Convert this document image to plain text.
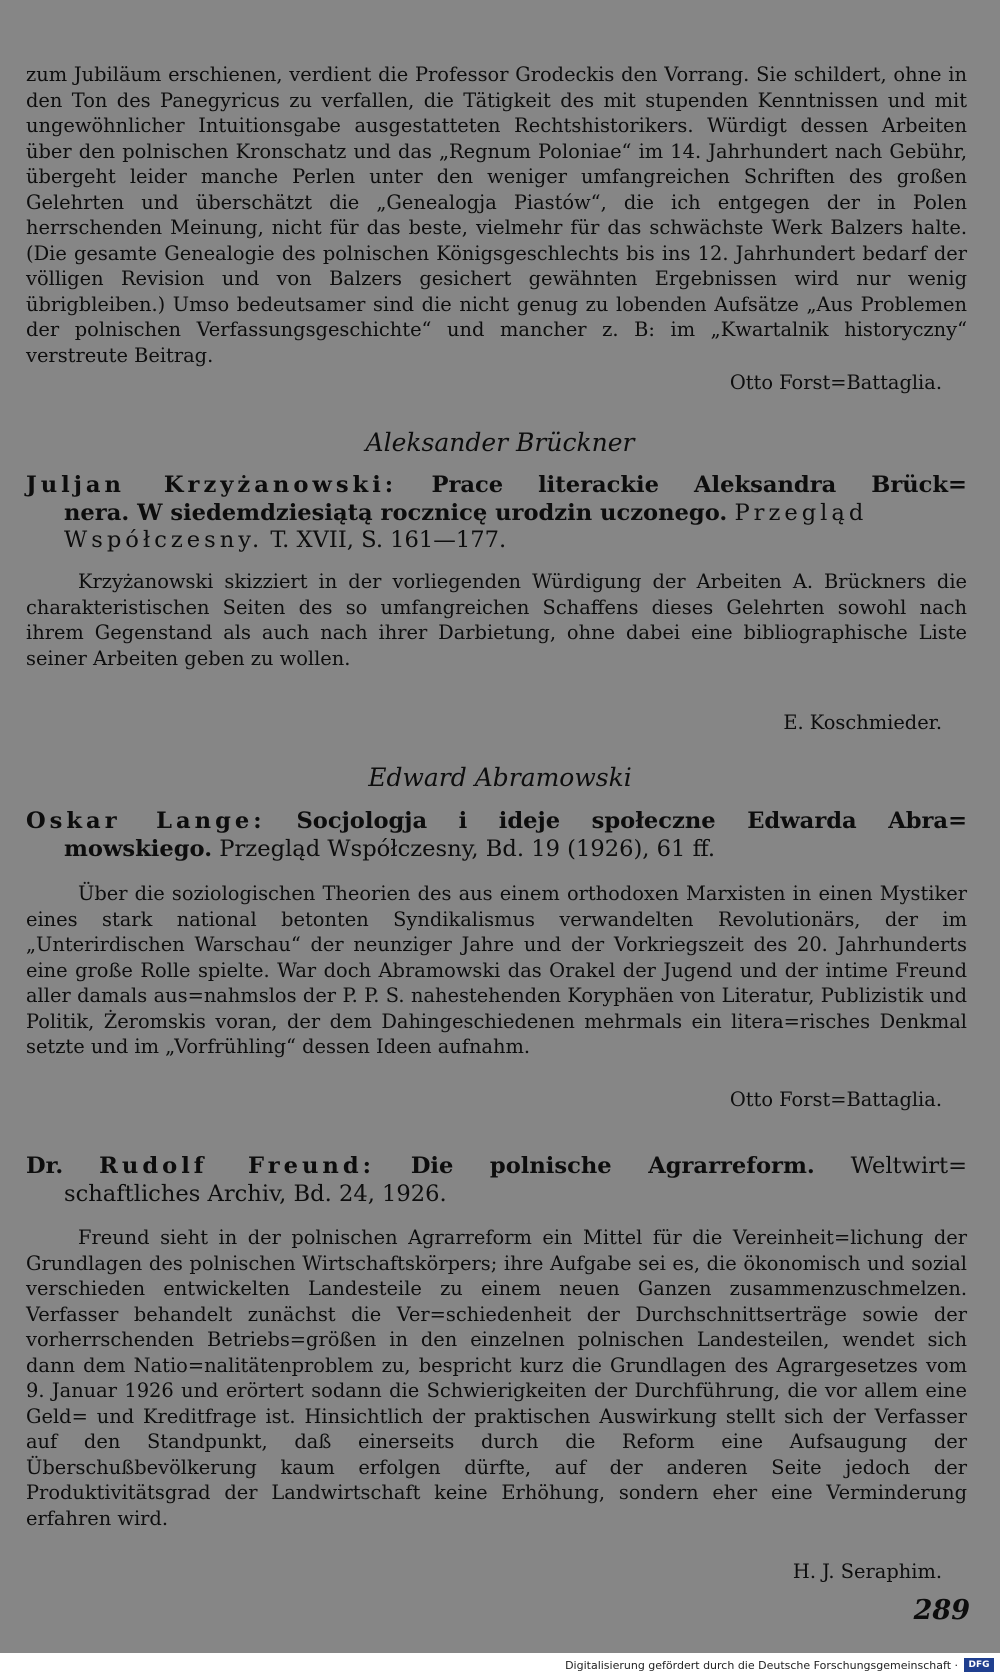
zum Jubiläum erschienen, verdient die Professor Grodeckis den Vorrang. Sie schildert, ohne in den Ton des Panegyricus zu verfallen, die Tätigkeit des mit stupenden Kenntnissen und mit ungewöhnlicher Intuitionsgabe ausgestatteten Rechtshistorikers. Würdigt dessen Arbeiten über den polnischen Kronschatz und das „Regnum Poloniae“ im 14. Jahrhundert nach Gebühr, übergeht leider manche Perlen unter den weniger umfangreichen Schriften des großen Gelehrten und überschätzt die „Genealogja Piastów“, die ich entgegen der in Polen herrschenden Meinung, nicht für das beste, vielmehr für das schwächste Werk Balzers halte. (Die gesamte Genealogie des polnischen Königsgeschlechts bis ins 12. Jahrhundert bedarf der völligen Revision und von Balzers gesichert gewähnten Ergebnissen wird nur wenig übrigbleiben.) Umso bedeutsamer sind die nicht genug zu lobenden Aufsätze „Aus Problemen der polnischen Verfassungsgeschichte“ und mancher z. B: im „Kwartalnik historyczny“ verstreute Beitrag.
Otto Forst=Battaglia.
Aleksander Brückner
Juljan Krzyżanowski: Prace literackie Aleksandra Brück=
nera. W siedemdziesiątą rocznicę urodzin uczonego. Przegląd Współczesny. T. XVII, S. 161—177.
Krzyżanowski skizziert in der vorliegenden Würdigung der Arbeiten A. Brückners die charakteristischen Seiten des so umfangreichen Schaffens dieses Gelehrten sowohl nach ihrem Gegenstand als auch nach ihrer Darbietung, ohne dabei eine bibliographische Liste seiner Arbeiten geben zu wollen.
E. Koschmieder.
Edward Abramowski
Oskar Lange: Socjologja i ideje społeczne Edwarda Abra=
mowskiego. Przegląd Współczesny, Bd. 19 (1926), 61 ff.
Über die soziologischen Theorien des aus einem orthodoxen Marxisten in einen Mystiker eines stark national betonten Syndikalismus verwandelten Revolutionärs, der im „Unterirdischen Warschau“ der neunziger Jahre und der Vorkriegszeit des 20. Jahrhunderts eine große Rolle spielte. War doch Abramowski das Orakel der Jugend und der intime Freund aller damals aus=nahmslos der P. P. S. nahestehenden Koryphäen von Literatur, Publizistik und Politik, Żeromskis voran, der dem Dahingeschiedenen mehrmals ein litera=risches Denkmal setzte und im „Vorfrühling“ dessen Ideen aufnahm.
Otto Forst=Battaglia.
Dr. Rudolf Freund: Die polnische Agrarreform. Weltwirt=
schaftliches Archiv, Bd. 24, 1926.
Freund sieht in der polnischen Agrarreform ein Mittel für die Vereinheit=lichung der Grundlagen des polnischen Wirtschaftskörpers; ihre Aufgabe sei es, die ökonomisch und sozial verschieden entwickelten Landesteile zu einem neuen Ganzen zusammenzuschmelzen. Verfasser behandelt zunächst die Ver=schiedenheit der Durchschnittserträge sowie der vorherrschenden Betriebs=größen in den einzelnen polnischen Landesteilen, wendet sich dann dem Natio=nalitätenproblem zu, bespricht kurz die Grundlagen des Agrargesetzes vom 9. Januar 1926 und erörtert sodann die Schwierigkeiten der Durchführung, die vor allem eine Geld= und Kreditfrage ist. Hinsichtlich der praktischen Auswirkung stellt sich der Verfasser auf den Standpunkt, daß einerseits durch die Reform eine Aufsaugung der Überschußbevölkerung kaum erfolgen dürfte, auf der anderen Seite jedoch der Produktivitätsgrad der Landwirtschaft keine Erhöhung, sondern eher eine Verminderung erfahren wird.
H. J. Seraphim.
289
Digitalisierung gefördert durch die Deutsche Forschungsgemeinschaft ·	DFG
